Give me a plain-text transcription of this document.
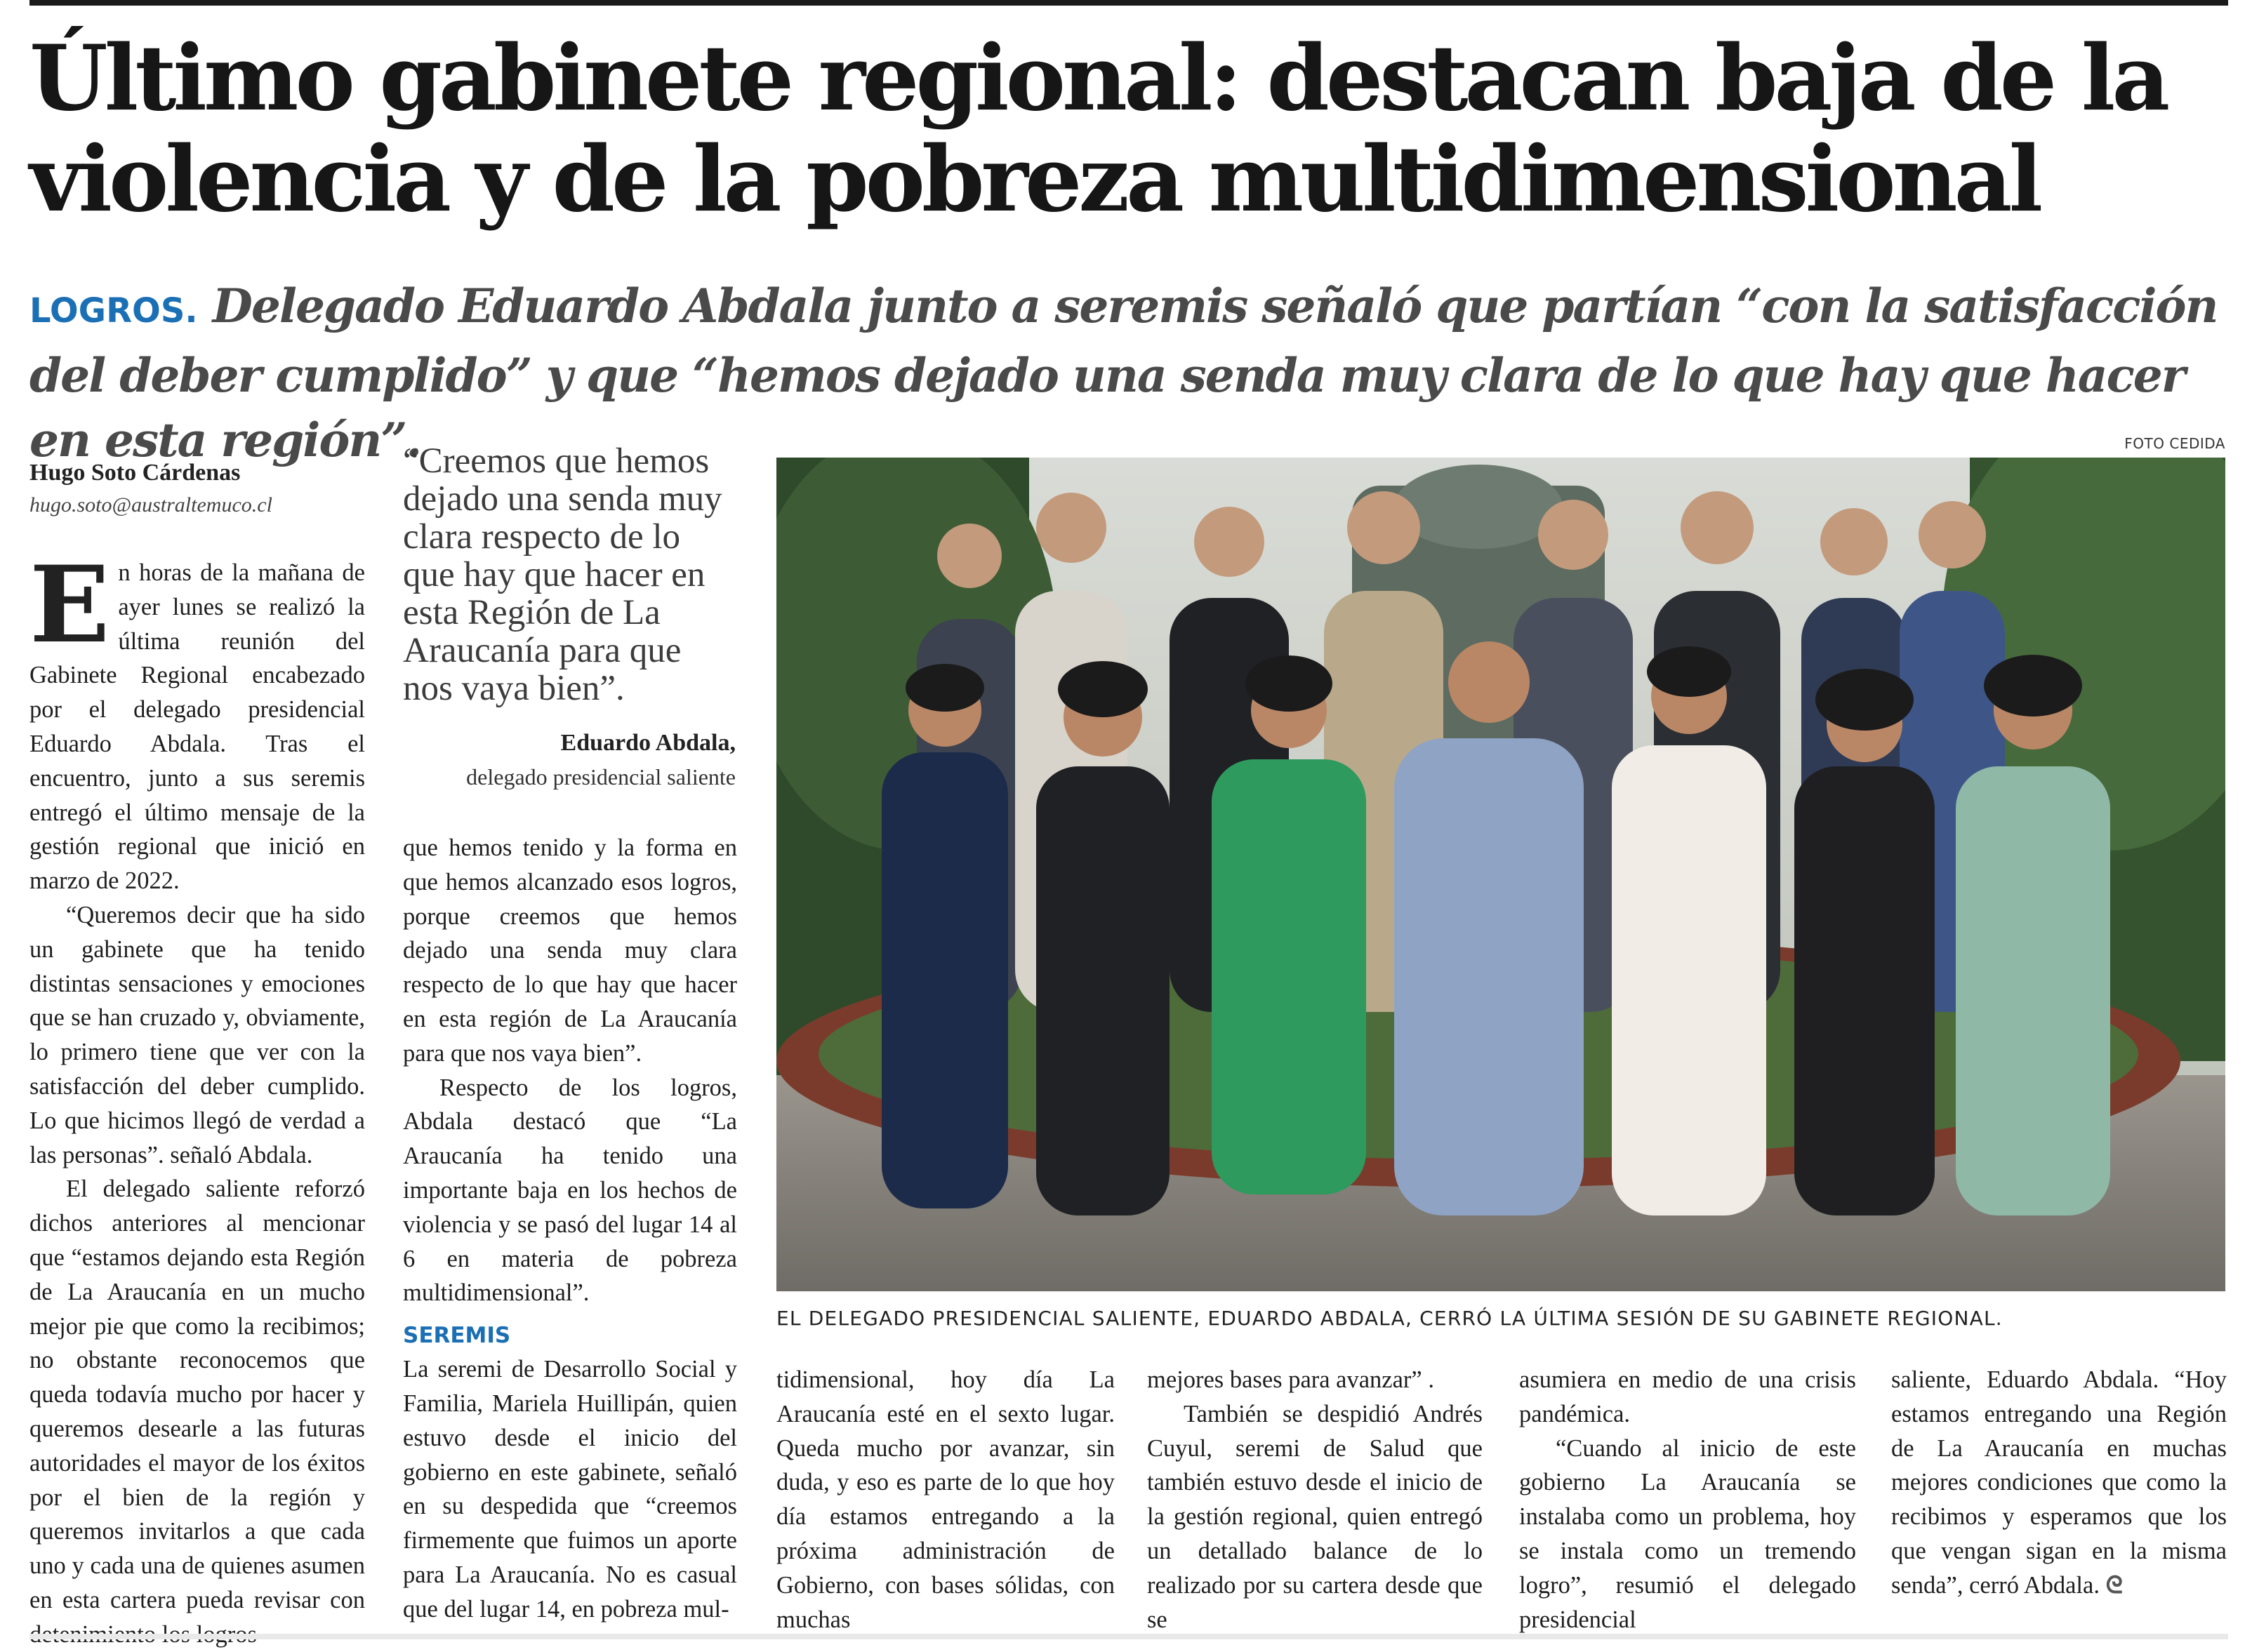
Último gabinete regional: destacan baja de la violencia y de la pobreza multidimensional
LOGROS. Delegado Eduardo Abdala junto a seremis señaló que partían “con la satisfacción del deber cumplido” y que “hemos dejado una senda muy clara de lo que hay que hacer en esta región”.
Hugo Soto Cárdenas
hugo.soto@australtemuco.cl

En horas de la mañana de ayer lunes se realizó la última reunión del Gabinete Regional encabezado por el delegado presidencial Eduardo Abdala. Tras el encuentro, junto a sus seremis entregó el último mensaje de la gestión regional que inició en marzo de 2022.

“Queremos decir que ha sido un gabinete que ha tenido distintas sensaciones y emociones que se han cruzado y, obviamente, lo primero tiene que ver con la satisfacción del deber cumplido. Lo que hicimos llegó de verdad a las personas”. señaló Abdala.

El delegado saliente reforzó dichos anteriores al mencionar que “estamos dejando esta Región de La Araucanía en un mucho mejor pie que como la recibimos; no obstante reconocemos que queda todavía mucho por hacer y queremos desearle a las futuras autoridades el mayor de los éxitos por el bien de la región y queremos invitarlos a que cada uno y cada una de quienes asumen en esta cartera pueda revisar con

“Creemos que hemos dejado una senda muy clara respecto de lo que hay que hacer en esta Región de La Araucanía para que nos vaya bien”.
Eduardo Abdala,
delegado presidencial saliente

que hemos tenido y la forma en que hemos alcanzado esos logros, porque creemos que hemos dejado una senda muy clara respecto de lo que hay que hacer en esta región de La Araucanía para que nos vaya bien”.

Respecto de los logros, Abdala destacó que “La Araucanía ha tenido una importante baja en los hechos de violencia y se pasó del lugar 14 al 6 en materia de pobreza multidimensional”.

SEREMIS

La seremi de Desarrollo Social y Familia, Mariela Huillipán, quien estuvo desde el inicio del gobierno en este gabinete, señaló en su despedida que “creemos firmemente que fuimos un aporte para La Araucanía. No es casual que del lugar 14, en pobreza mul-

FOTO CEDIDA
EL DELEGADO PRESIDENCIAL SALIENTE, EDUARDO ABDALA, CERRÓ LA ÚLTIMA SESIÓN DE SU GABINETE REGIONAL.

tidimensional, hoy día La Araucanía esté en el sexto lugar. Queda mucho por avanzar, sin duda, y eso es parte de lo que hoy día estamos entregando a la próxima administración de Gobierno, con bases sólidas, con muchas

mejores bases para avanzar” .

También se despidió Andrés Cuyul, seremi de Salud que también estuvo desde el inicio de la gestión regional, quien entregó un detallado balance de lo realizado por su cartera desde que se

asumiera en medio de una crisis pandémica.

“Cuando al inicio de este gobierno La Araucanía se instalaba como un problema, hoy se instala como un tremendo logro”, resumió el delegado presidencial

saliente, Eduardo Abdala. “Hoy estamos entregando una Región de La Araucanía en muchas mejores condiciones que como la recibimos y esperamos que los que vengan sigan en la misma senda”, cerró Abdala. ᘓ
